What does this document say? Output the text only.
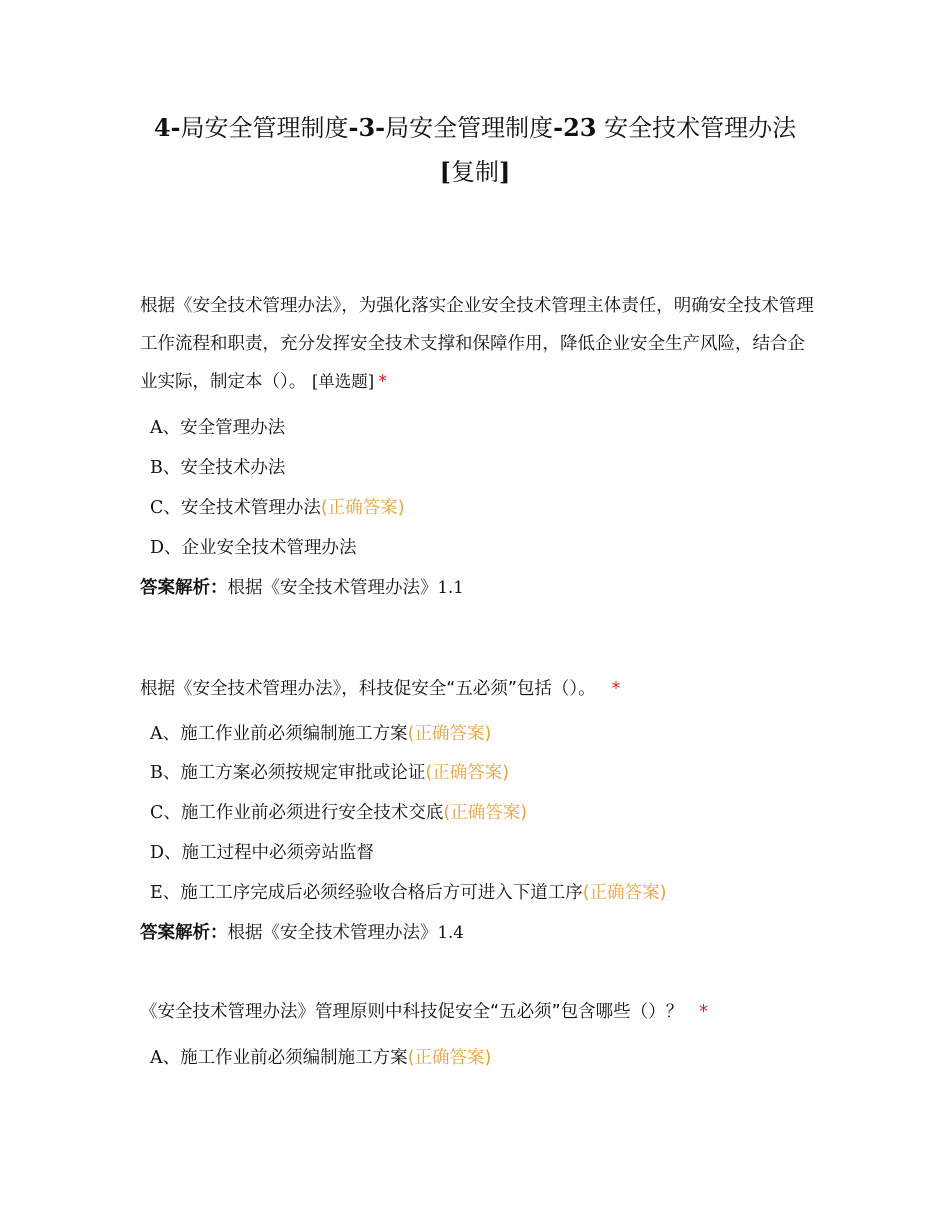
4-局安全管理制度-3-局安全管理制度-23 安全技术管理办法
[复制]
根据《安全技术管理办法》，为强化落实企业安全技术管理主体责任，明确安全技术管理工作流程和职责，充分发挥安全技术支撑和保障作用，降低企业安全生产风险，结合企业实际，制定本（）。 [单选题] *
A、安全管理办法
B、安全技术办法
C、安全技术管理办法(正确答案)
D、企业安全技术管理办法
答案解析：根据《安全技术管理办法》1.1
根据《安全技术管理办法》，科技促安全“五必须”包括（）。 *
A、施工作业前必须编制施工方案(正确答案)
B、施工方案必须按规定审批或论证(正确答案)
C、施工作业前必须进行安全技术交底(正确答案)
D、施工过程中必须旁站监督
E、施工工序完成后必须经验收合格后方可进入下道工序(正确答案)
答案解析：根据《安全技术管理办法》1.4
《安全技术管理办法》管理原则中科技促安全“五必须”包含哪些（）？ *
A、施工作业前必须编制施工方案(正确答案)
